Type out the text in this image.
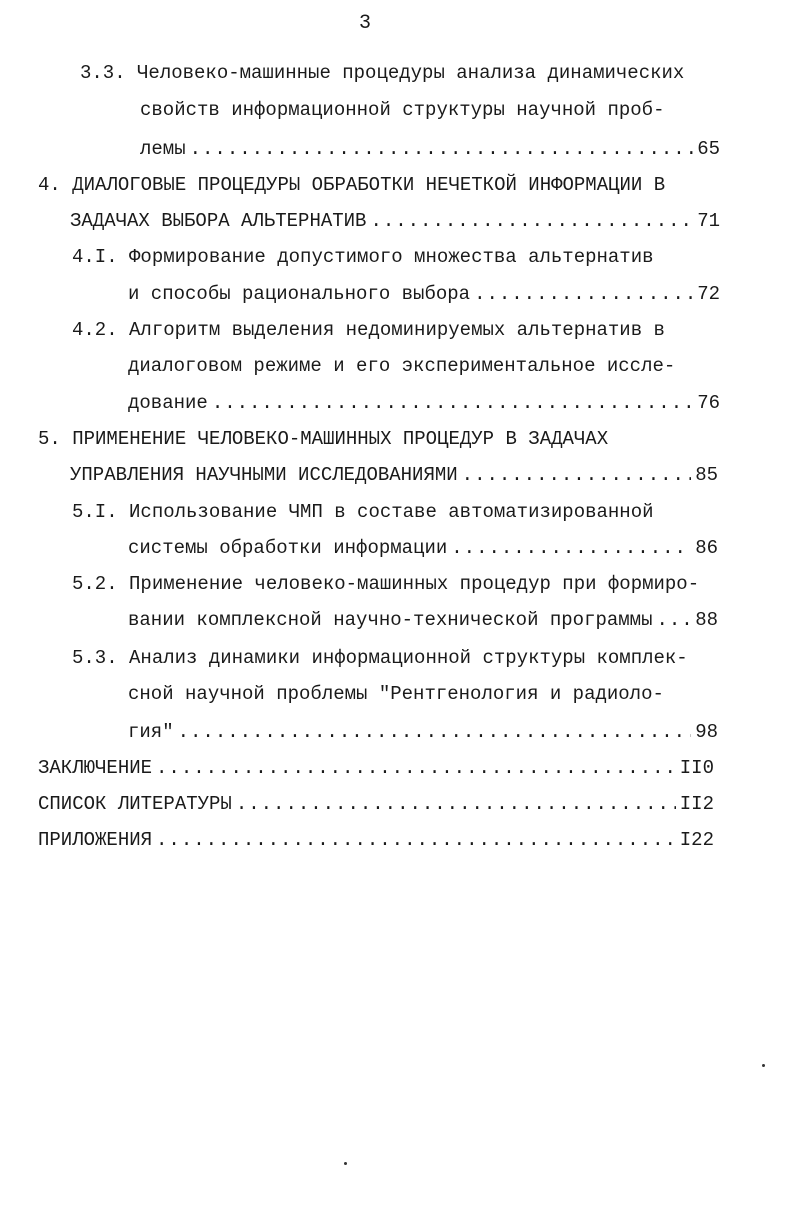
3
3.3. Человеко-машинные процедуры анализа динамических
свойств информационной структуры научной проб-
лемы .....	65
4. ДИАЛОГОВЫЕ ПРОЦЕДУРЫ ОБРАБОТКИ НЕЧЕТКОЙ ИНФОРМАЦИИ В
ЗАДАЧАХ ВЫБОРА АЛЬТЕРНАТИВ .....	71
4.I. Формирование допустимого множества альтернатив
и способы рационального выбора .....	72
4.2. Алгоритм выделения недоминируемых альтернатив в
диалоговом режиме и его экспериментальное иссле-
дование .....	76
5. ПРИМЕНЕНИЕ ЧЕЛОВЕКО-МАШИННЫХ ПРОЦЕДУР В ЗАДАЧАХ
УПРАВЛЕНИЯ НАУЧНЫМИ ИССЛЕДОВАНИЯМИ .....	85
5.I. Использование ЧМП в составе автоматизированной
системы обработки информации .....	86
5.2. Применение человеко-машинных процедур при формиро-
вании комплексной научно-технической программы ..... 88
5.3. Анализ динамики информационной структуры комплек-
сной научной проблемы "Рентгенология и радиоло-
гия" .....	98
ЗАКЛЮЧЕНИЕ .....	II0
СПИСОК ЛИТЕРАТУРЫ .....	II2
ПРИЛОЖЕНИЯ .....	I22
